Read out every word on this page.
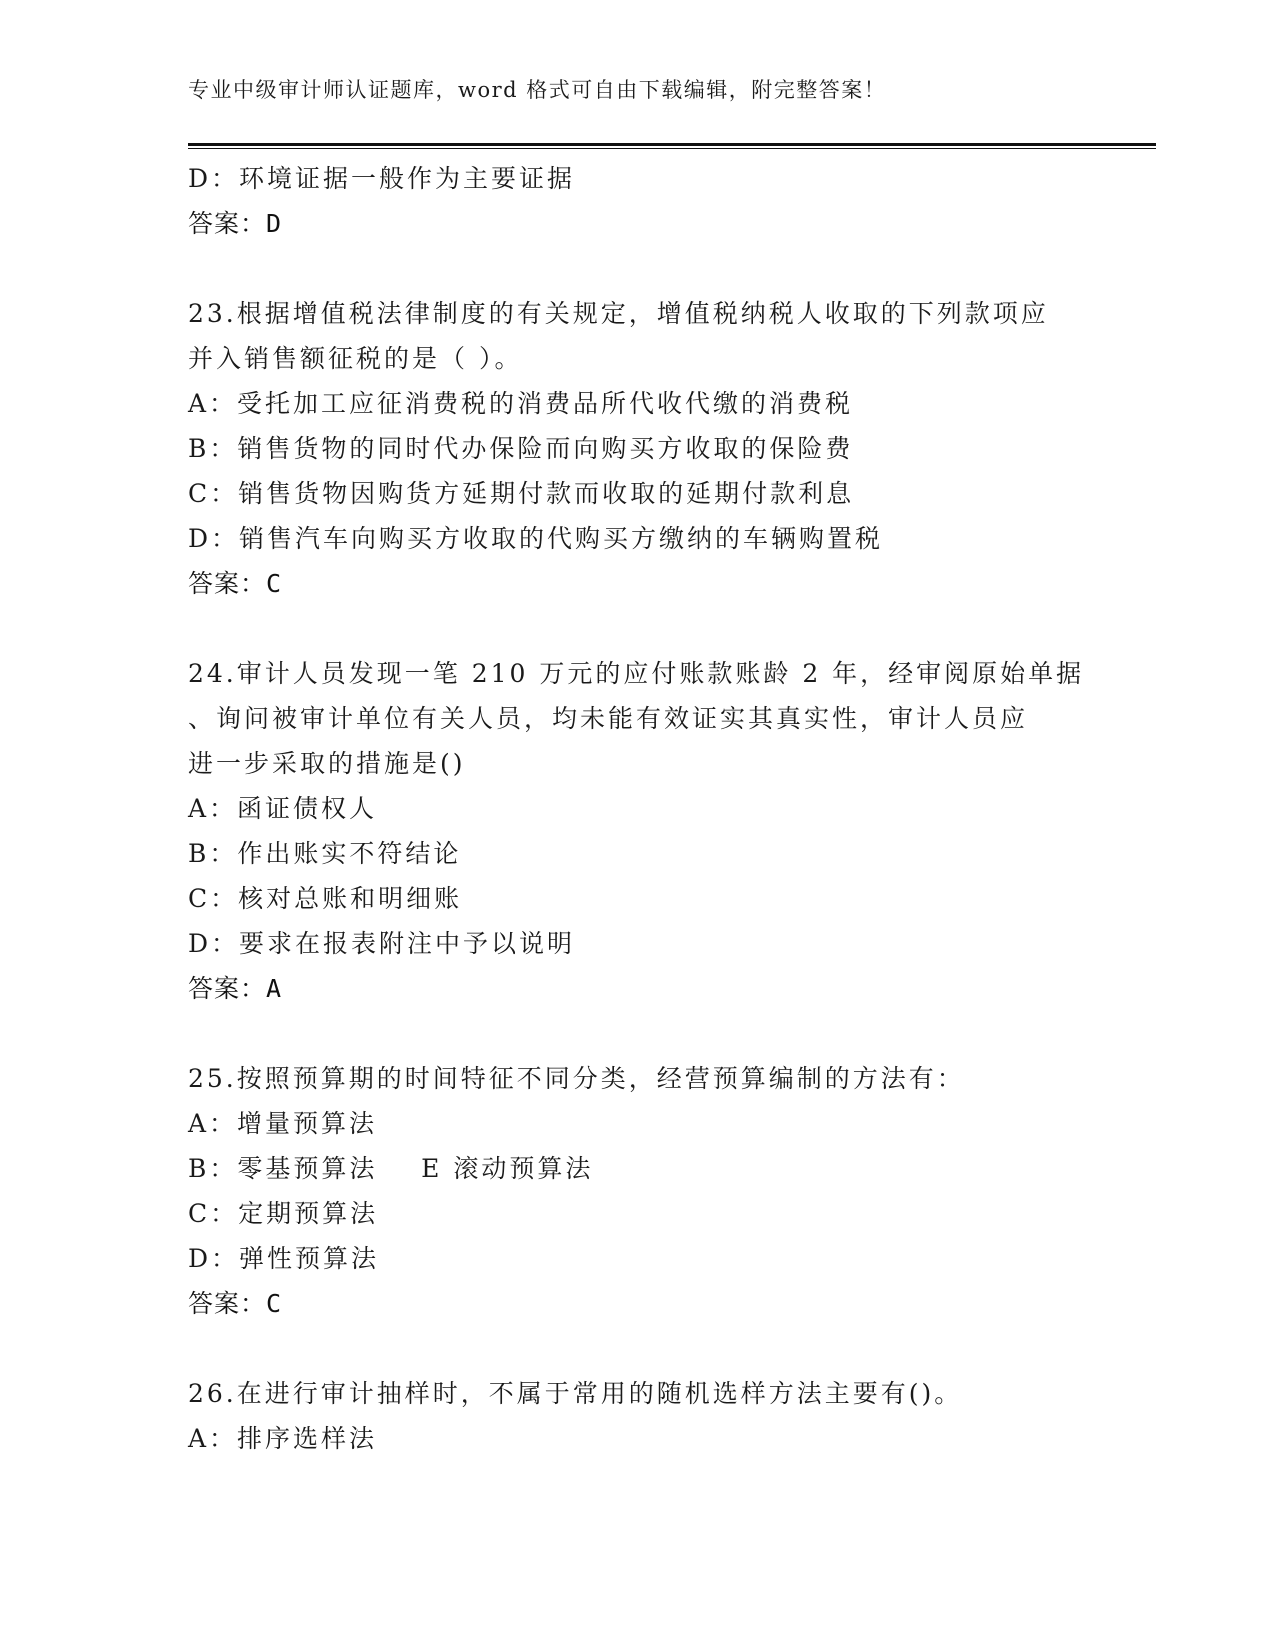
专业中级审计师认证题库，word 格式可自由下载编辑，附完整答案！
D：环境证据一般作为主要证据
答案：D
23.根据增值税法律制度的有关规定，增值税纳税人收取的下列款项应
并入销售额征税的是（ ）。
A：受托加工应征消费税的消费品所代收代缴的消费税
B：销售货物的同时代办保险而向购买方收取的保险费
C：销售货物因购货方延期付款而收取的延期付款利息
D：销售汽车向购买方收取的代购买方缴纳的车辆购置税
答案：C
24.审计人员发现一笔 210 万元的应付账款账龄 2 年，经审阅原始单据
、询问被审计单位有关人员，均未能有效证实其真实性，审计人员应
进一步采取的措施是()
A：函证债权人
B：作出账实不符结论
C：核对总账和明细账
D：要求在报表附注中予以说明
答案：A
25.按照预算期的时间特征不同分类，经营预算编制的方法有：
A：增量预算法
B：零基预算法    E 滚动预算法
C：定期预算法
D：弹性预算法
答案：C
26.在进行审计抽样时，不属于常用的随机选样方法主要有()。
A：排序选样法
